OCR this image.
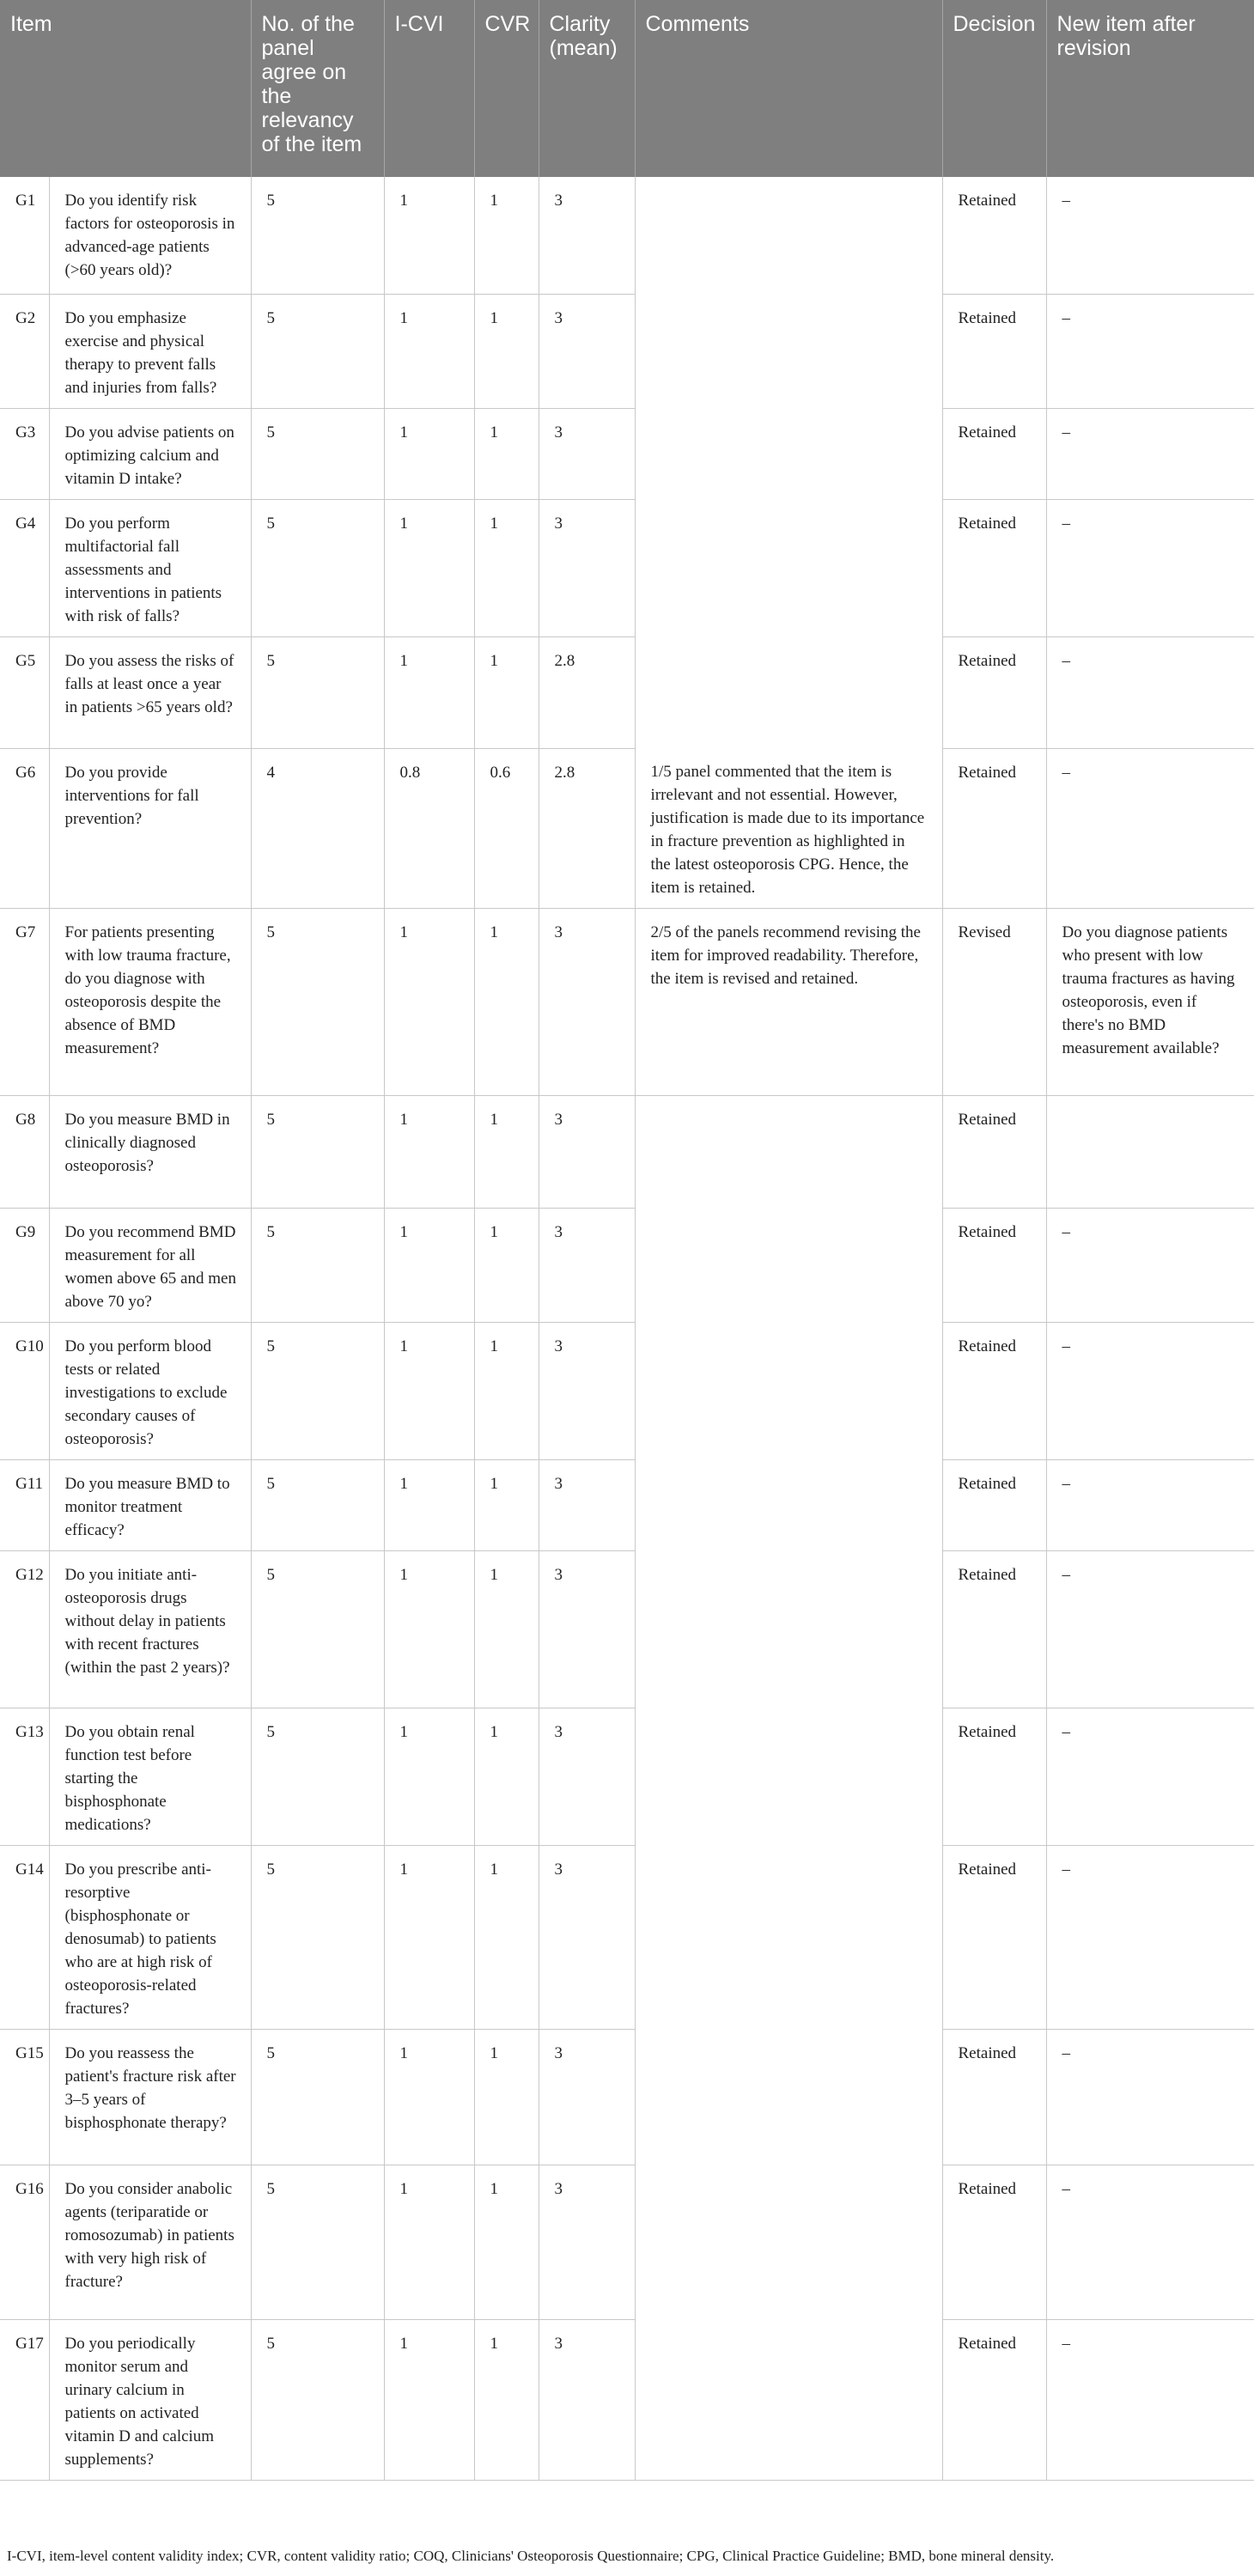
Item		No. of the panel agree on the relevancy of the item	I-CVI	CVR	Clarity (mean)	Comments	Decision	New item after revision
G1	Do you identify risk factors for osteoporosis in advanced-age patients (>60 years old)?	5	1	1	3		Retained	–
G2	Do you emphasize exercise and physical therapy to prevent falls and injuries from falls?	5	1	1	3		Retained	–
G3	Do you advise patients on optimizing calcium and vitamin D intake?	5	1	1	3		Retained	–
G4	Do you perform multifactorial fall assessments and interventions in patients with risk of falls?	5	1	1	3		Retained	–
G5	Do you assess the risks of falls at least once a year in patients >65 years old?	5	1	1	2.8		Retained	–
G6	Do you provide interventions for fall prevention?	4	0.8	0.6	2.8	1/5 panel commented that the item is irrelevant and not essential. However, justification is made due to its importance in fracture prevention as highlighted in the latest osteoporosis CPG. Hence, the item is retained.	Retained	–
G7	For patients presenting with low trauma fracture, do you diagnose with osteoporosis despite the absence of BMD measurement?	5	1	1	3	2/5 of the panels recommend revising the item for improved readability. Therefore, the item is revised and retained.	Revised	Do you diagnose patients who present with low trauma fractures as having osteoporosis, even if there's no BMD measurement available?
G8	Do you measure BMD in clinically diagnosed osteoporosis?	5	1	1	3		Retained	
G9	Do you recommend BMD measurement for all women above 65 and men above 70 yo?	5	1	1	3		Retained	–
G10	Do you perform blood tests or related investigations to exclude secondary causes of osteoporosis?	5	1	1	3		Retained	–
G11	Do you measure BMD to monitor treatment efficacy?	5	1	1	3		Retained	–
G12	Do you initiate anti-osteoporosis drugs without delay in patients with recent fractures (within the past 2 years)?	5	1	1	3		Retained	–
G13	Do you obtain renal function test before starting the bisphosphonate medications?	5	1	1	3		Retained	–
G14	Do you prescribe anti-resorptive (bisphosphonate or denosumab) to patients who are at high risk of osteoporosis-related fractures?	5	1	1	3		Retained	–
G15	Do you reassess the patient's fracture risk after 3–5 years of bisphosphonate therapy?	5	1	1	3		Retained	–
G16	Do you consider anabolic agents (teriparatide or romosozumab) in patients with very high risk of fracture?	5	1	1	3		Retained	–
G17	Do you periodically monitor serum and urinary calcium in patients on activated vitamin D and calcium supplements?	5	1	1	3		Retained	–
I-CVI, item-level content validity index; CVR, content validity ratio; COQ, Clinicians' Osteoporosis Questionnaire; CPG, Clinical Practice Guideline; BMD, bone mineral density.
